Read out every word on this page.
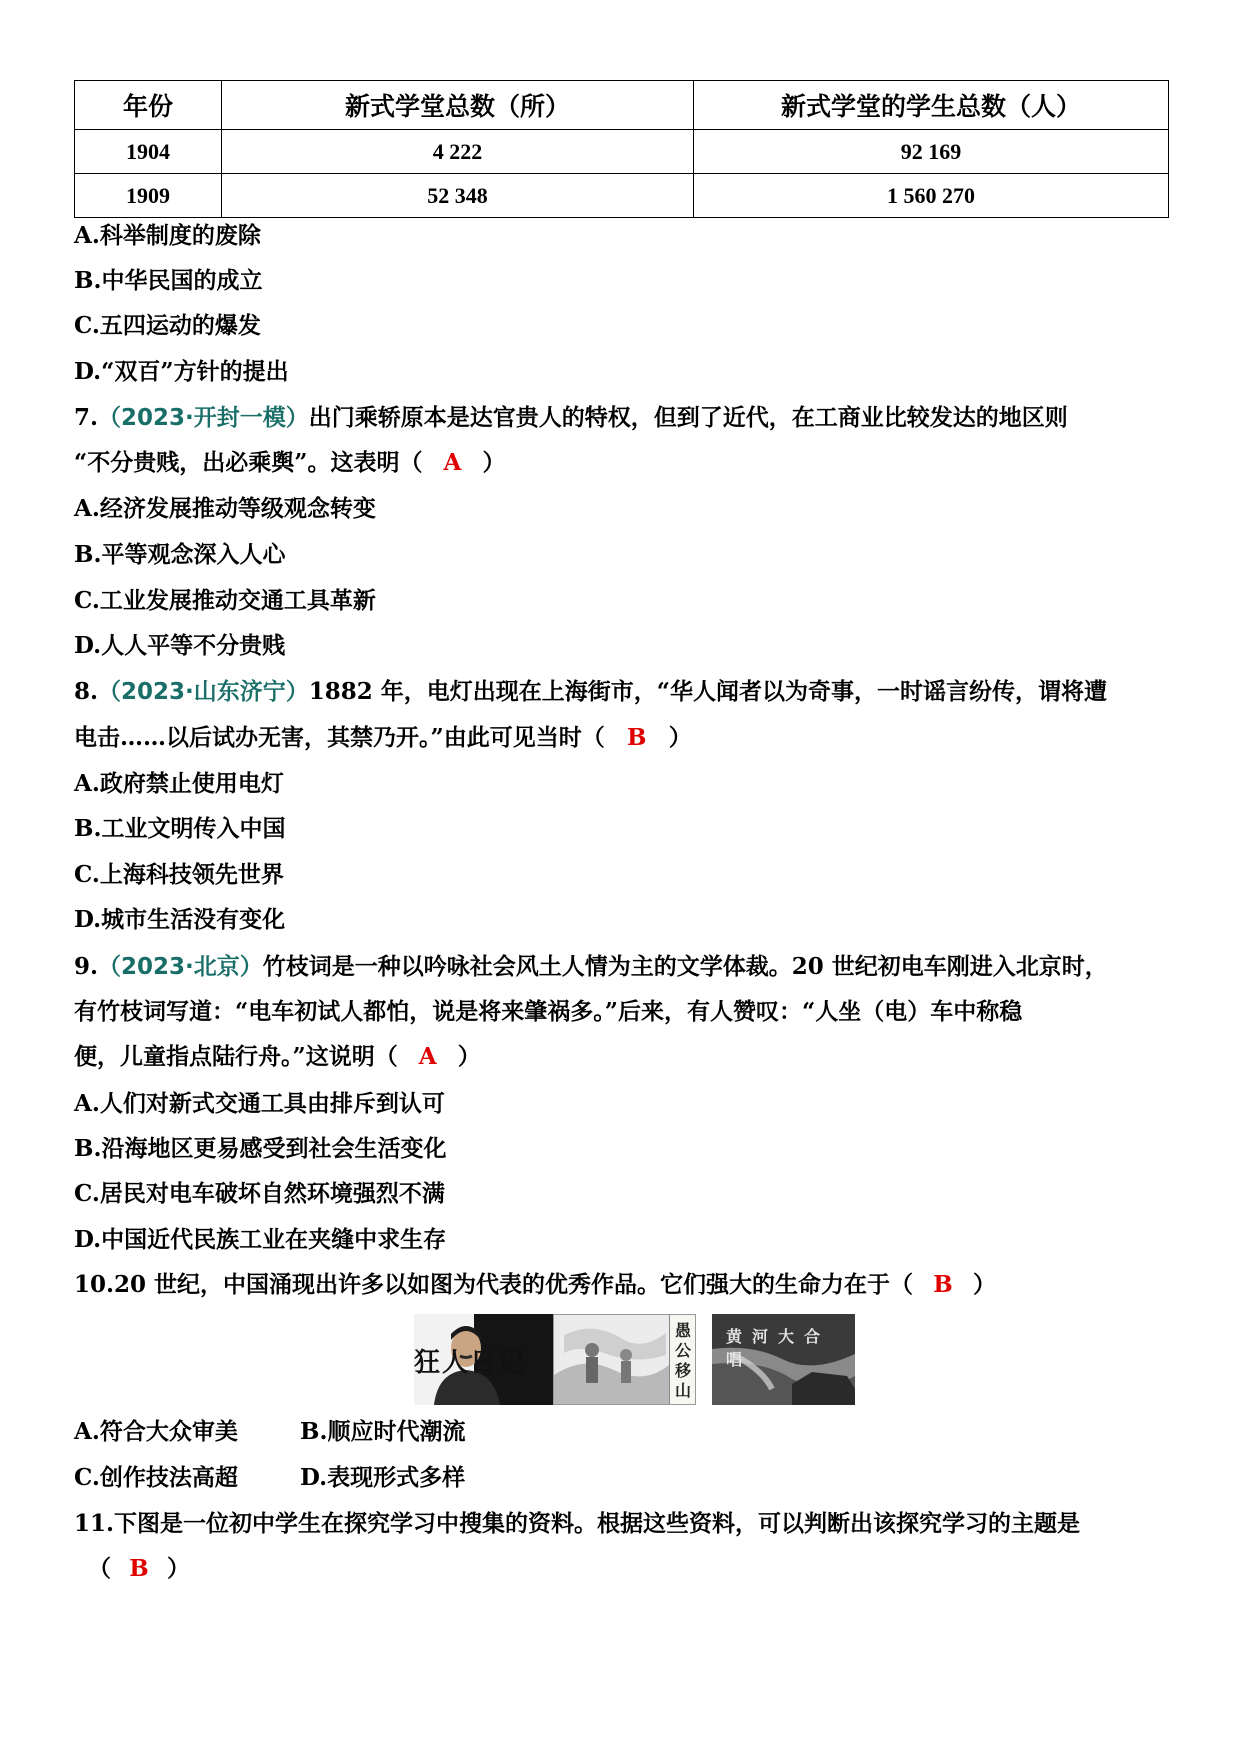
年份	新式学堂总数（所）	新式学堂的学生总数（人）
1904	4 222	92 169
1909	52 348	1 560 270
A.科举制度的废除
B.中华民国的成立
C.五四运动的爆发
D.“双百”方针的提出
7.（2023·开封一模）出门乘轿原本是达官贵人的特权，但到了近代，在工商业比较发达的地区则
“不分贵贱，出必乘舆”。这表明（ A ）
A.经济发展推动等级观念转变
B.平等观念深入人心
C.工业发展推动交通工具革新
D.人人平等不分贵贱
8.（2023·山东济宁）1882 年，电灯出现在上海街市，“华人闻者以为奇事，一时谣言纷传，谓将遭
电击……以后试办无害，其禁乃开。”由此可见当时（ B ）
A.政府禁止使用电灯
B.工业文明传入中国
C.上海科技领先世界
D.城市生活没有变化
9.（2023·北京）竹枝词是一种以吟咏社会风土人情为主的文学体裁。20 世纪初电车刚进入北京时，
有竹枝词写道：“电车初试人都怕，说是将来肇祸多。”后来，有人赞叹：“人坐（电）车中称稳
便，儿童指点陆行舟。”这说明（ A ）
A.人们对新式交通工具由排斥到认可
B.沿海地区更易感受到社会生活变化
C.居民对电车破坏自然环境强烈不满
D.中国近代民族工业在夹缝中求生存
10.20 世纪，中国涌现出许多以如图为代表的优秀作品。它们强大的生命力在于（ B ）
狂人日记
愚公移山
黄河大合唱
A.符合大众审美	B.顺应时代潮流
C.创作技法高超	D.表现形式多样
11.下图是一位初中学生在探究学习中搜集的资料。根据这些资料，可以判断出该探究学习的主题是
（ B ）
